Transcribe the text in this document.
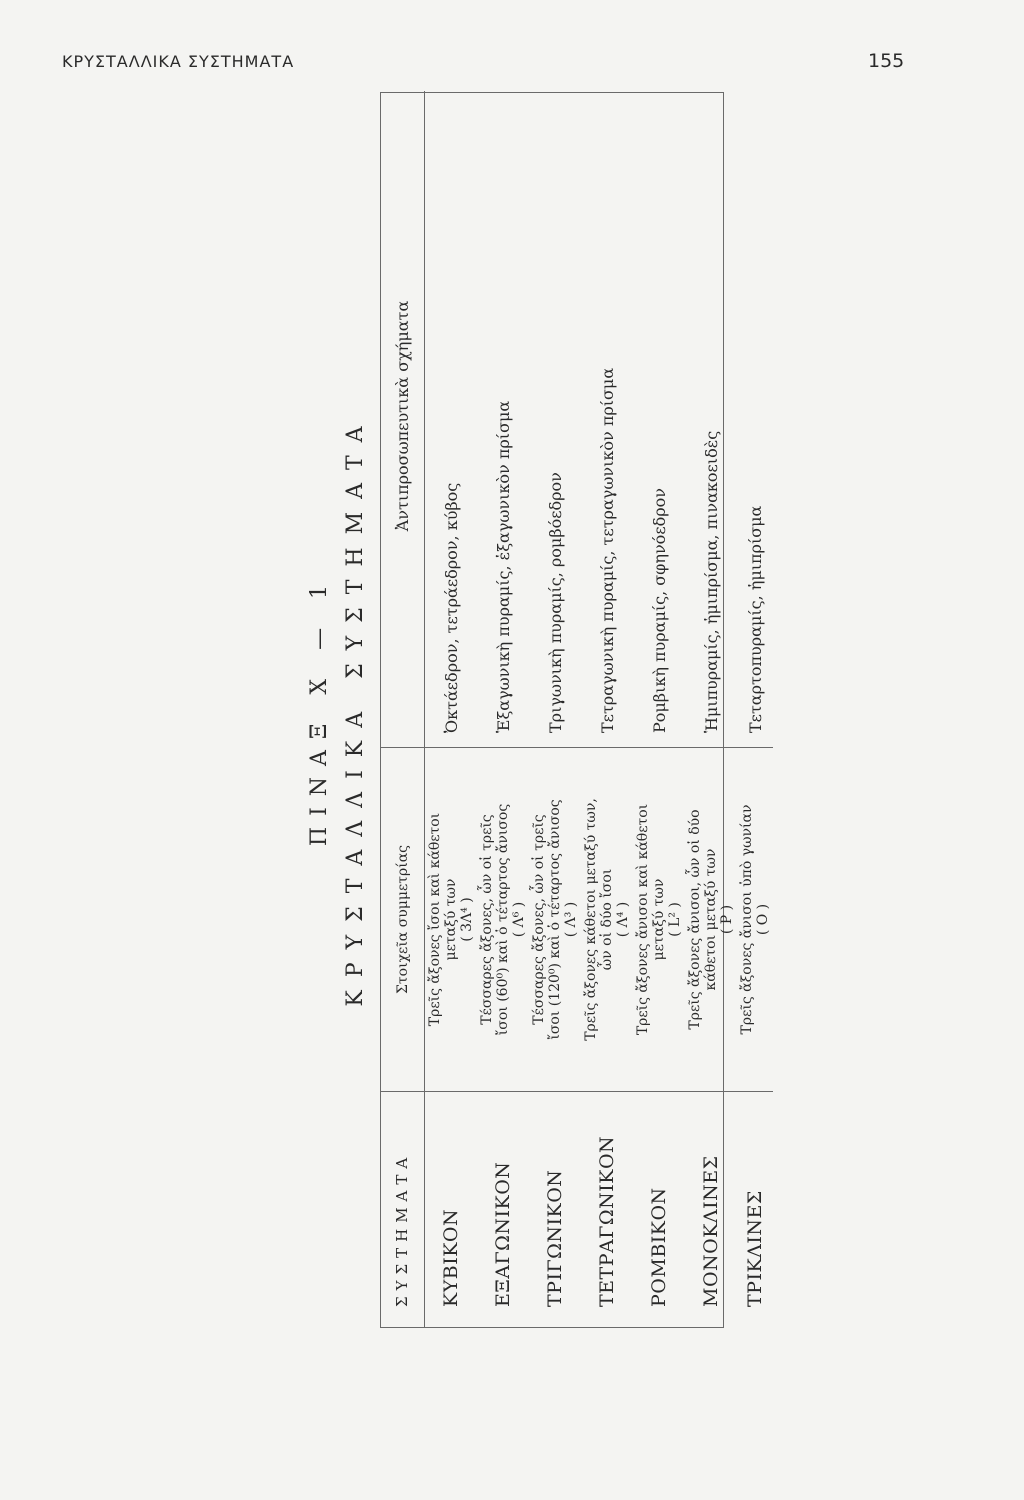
ΚΡΥΣΤΑΛΛΙΚΑ ΣΥΣΤΗΜΑΤΑ	155
ΠΙΝΑΞ Χ — 1 ΚΡΥΣΤΑΛΛΙΚΑ ΣΥΣΤΗΜΑΤΑ
ΣΥΣΤΗΜΑΤΑ
Στοιχεῖα συμμετρίας
Ἀντιπροσωπευτικὰ σχήματα
ΚΥΒΙΚΟΝ
Τρεῖς ἄξονες ἴσοι καὶ κάθετοι μεταξύ των ( 3Λ⁴ )
Ὀκτάεδρον, τετράεδρον, κύβος
ΕΞΑΓΩΝΙΚΟΝ
Τέσσαρες ἄξονες, ὧν οἱ τρεῖς ἴσοι (60⁰) καὶ ὁ τέταρτος ἄνισος ( Λ⁶ )
Ἑξαγωνικὴ πυραμίς, ἑξαγωνικὸν πρίσμα
ΤΡΙΓΩΝΙΚΟΝ
Τέσσαρες ἄξονες, ὧν οἱ τρεῖς ἴσοι (120⁰) καὶ ὁ τέταρτος ἄνισος ( Λ³ )
Τριγωνικὴ πυραμίς, ρομβόεδρον
ΤΕΤΡΑΓΩΝΙΚΟΝ
Τρεῖς ἄξονες κάθετοι μεταξύ των, ὧν οἱ δύο ἴσοι ( Λ⁴ )
Τετραγωνικὴ πυραμίς, τετραγωνικὸν πρίσμα
ΡΟΜΒΙΚΟΝ
Τρεῖς ἄξονες ἄνισοι καὶ κάθετοι μεταξύ των ( L² )
Ρομβικὴ πυραμίς, σφηνόεδρον
ΜΟΝΟΚΛΙΝΕΣ
Τρεῖς ἄξονες ἄνισοι, ὧν οἱ δύο κάθετοι μεταξύ των ( P )
Ἡμιπυραμίς, ἡμιπρίσμα, πινακοειδὲς
ΤΡΙΚΛΙΝΕΣ
Τρεῖς ἄξονες ἄνισοι ὑπὸ γωνίαν ( Ο )
Τεταρτοπυραμίς, ἡμιπρίσμα
